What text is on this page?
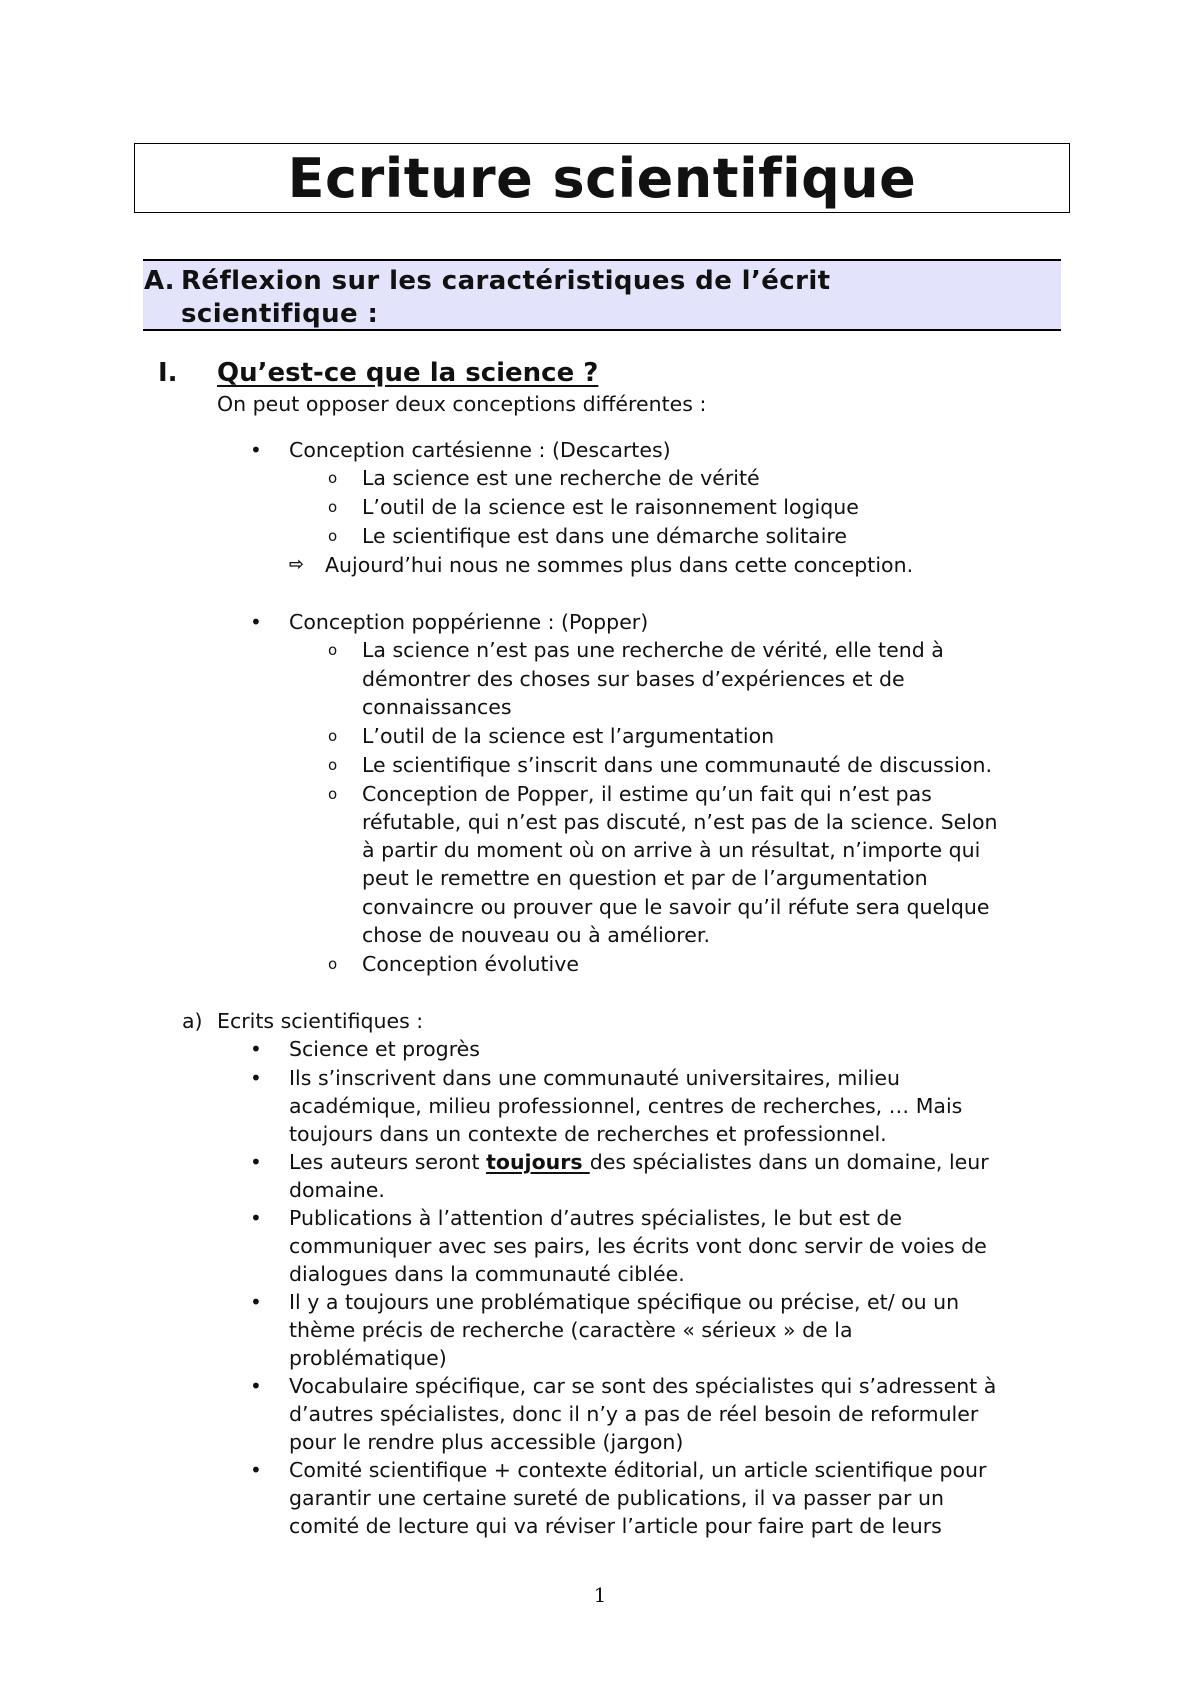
Ecriture scientifique
A. Réflexion sur les caractéristiques de l’écrit
scientifique :
I. Qu’est-ce que la science ?
On peut opposer deux conceptions différentes :
• Conception cartésienne : (Descartes)
o La science est une recherche de vérité
o L’outil de la science est le raisonnement logique
o Le scientifique est dans une démarche solitaire
⇨ Aujourd’hui nous ne sommes plus dans cette conception.
• Conception poppérienne : (Popper)
o La science n’est pas une recherche de vérité, elle tend à
démontrer des choses sur bases d’expériences et de
connaissances
o L’outil de la science est l’argumentation
o Le scientifique s’inscrit dans une communauté de discussion.
o Conception de Popper, il estime qu’un fait qui n’est pas
réfutable, qui n’est pas discuté, n’est pas de la science. Selon
à partir du moment où on arrive à un résultat, n’importe qui
peut le remettre en question et par de l’argumentation
convaincre ou prouver que le savoir qu’il réfute sera quelque
chose de nouveau ou à améliorer.
o Conception évolutive
a) Ecrits scientifiques :
• Science et progrès
• Ils s’inscrivent dans une communauté universitaires, milieu
académique, milieu professionnel, centres de recherches, … Mais
toujours dans un contexte de recherches et professionnel.
• Les auteurs seront toujours des spécialistes dans un domaine, leur
domaine.
• Publications à l’attention d’autres spécialistes, le but est de
communiquer avec ses pairs, les écrits vont donc servir de voies de
dialogues dans la communauté ciblée.
• Il y a toujours une problématique spécifique ou précise, et/ ou un
thème précis de recherche (caractère « sérieux » de la
problématique)
• Vocabulaire spécifique, car se sont des spécialistes qui s’adressent à
d’autres spécialistes, donc il n’y a pas de réel besoin de reformuler
pour le rendre plus accessible (jargon)
• Comité scientifique + contexte éditorial, un article scientifique pour
garantir une certaine sureté de publications, il va passer par un
comité de lecture qui va réviser l’article pour faire part de leurs
1
